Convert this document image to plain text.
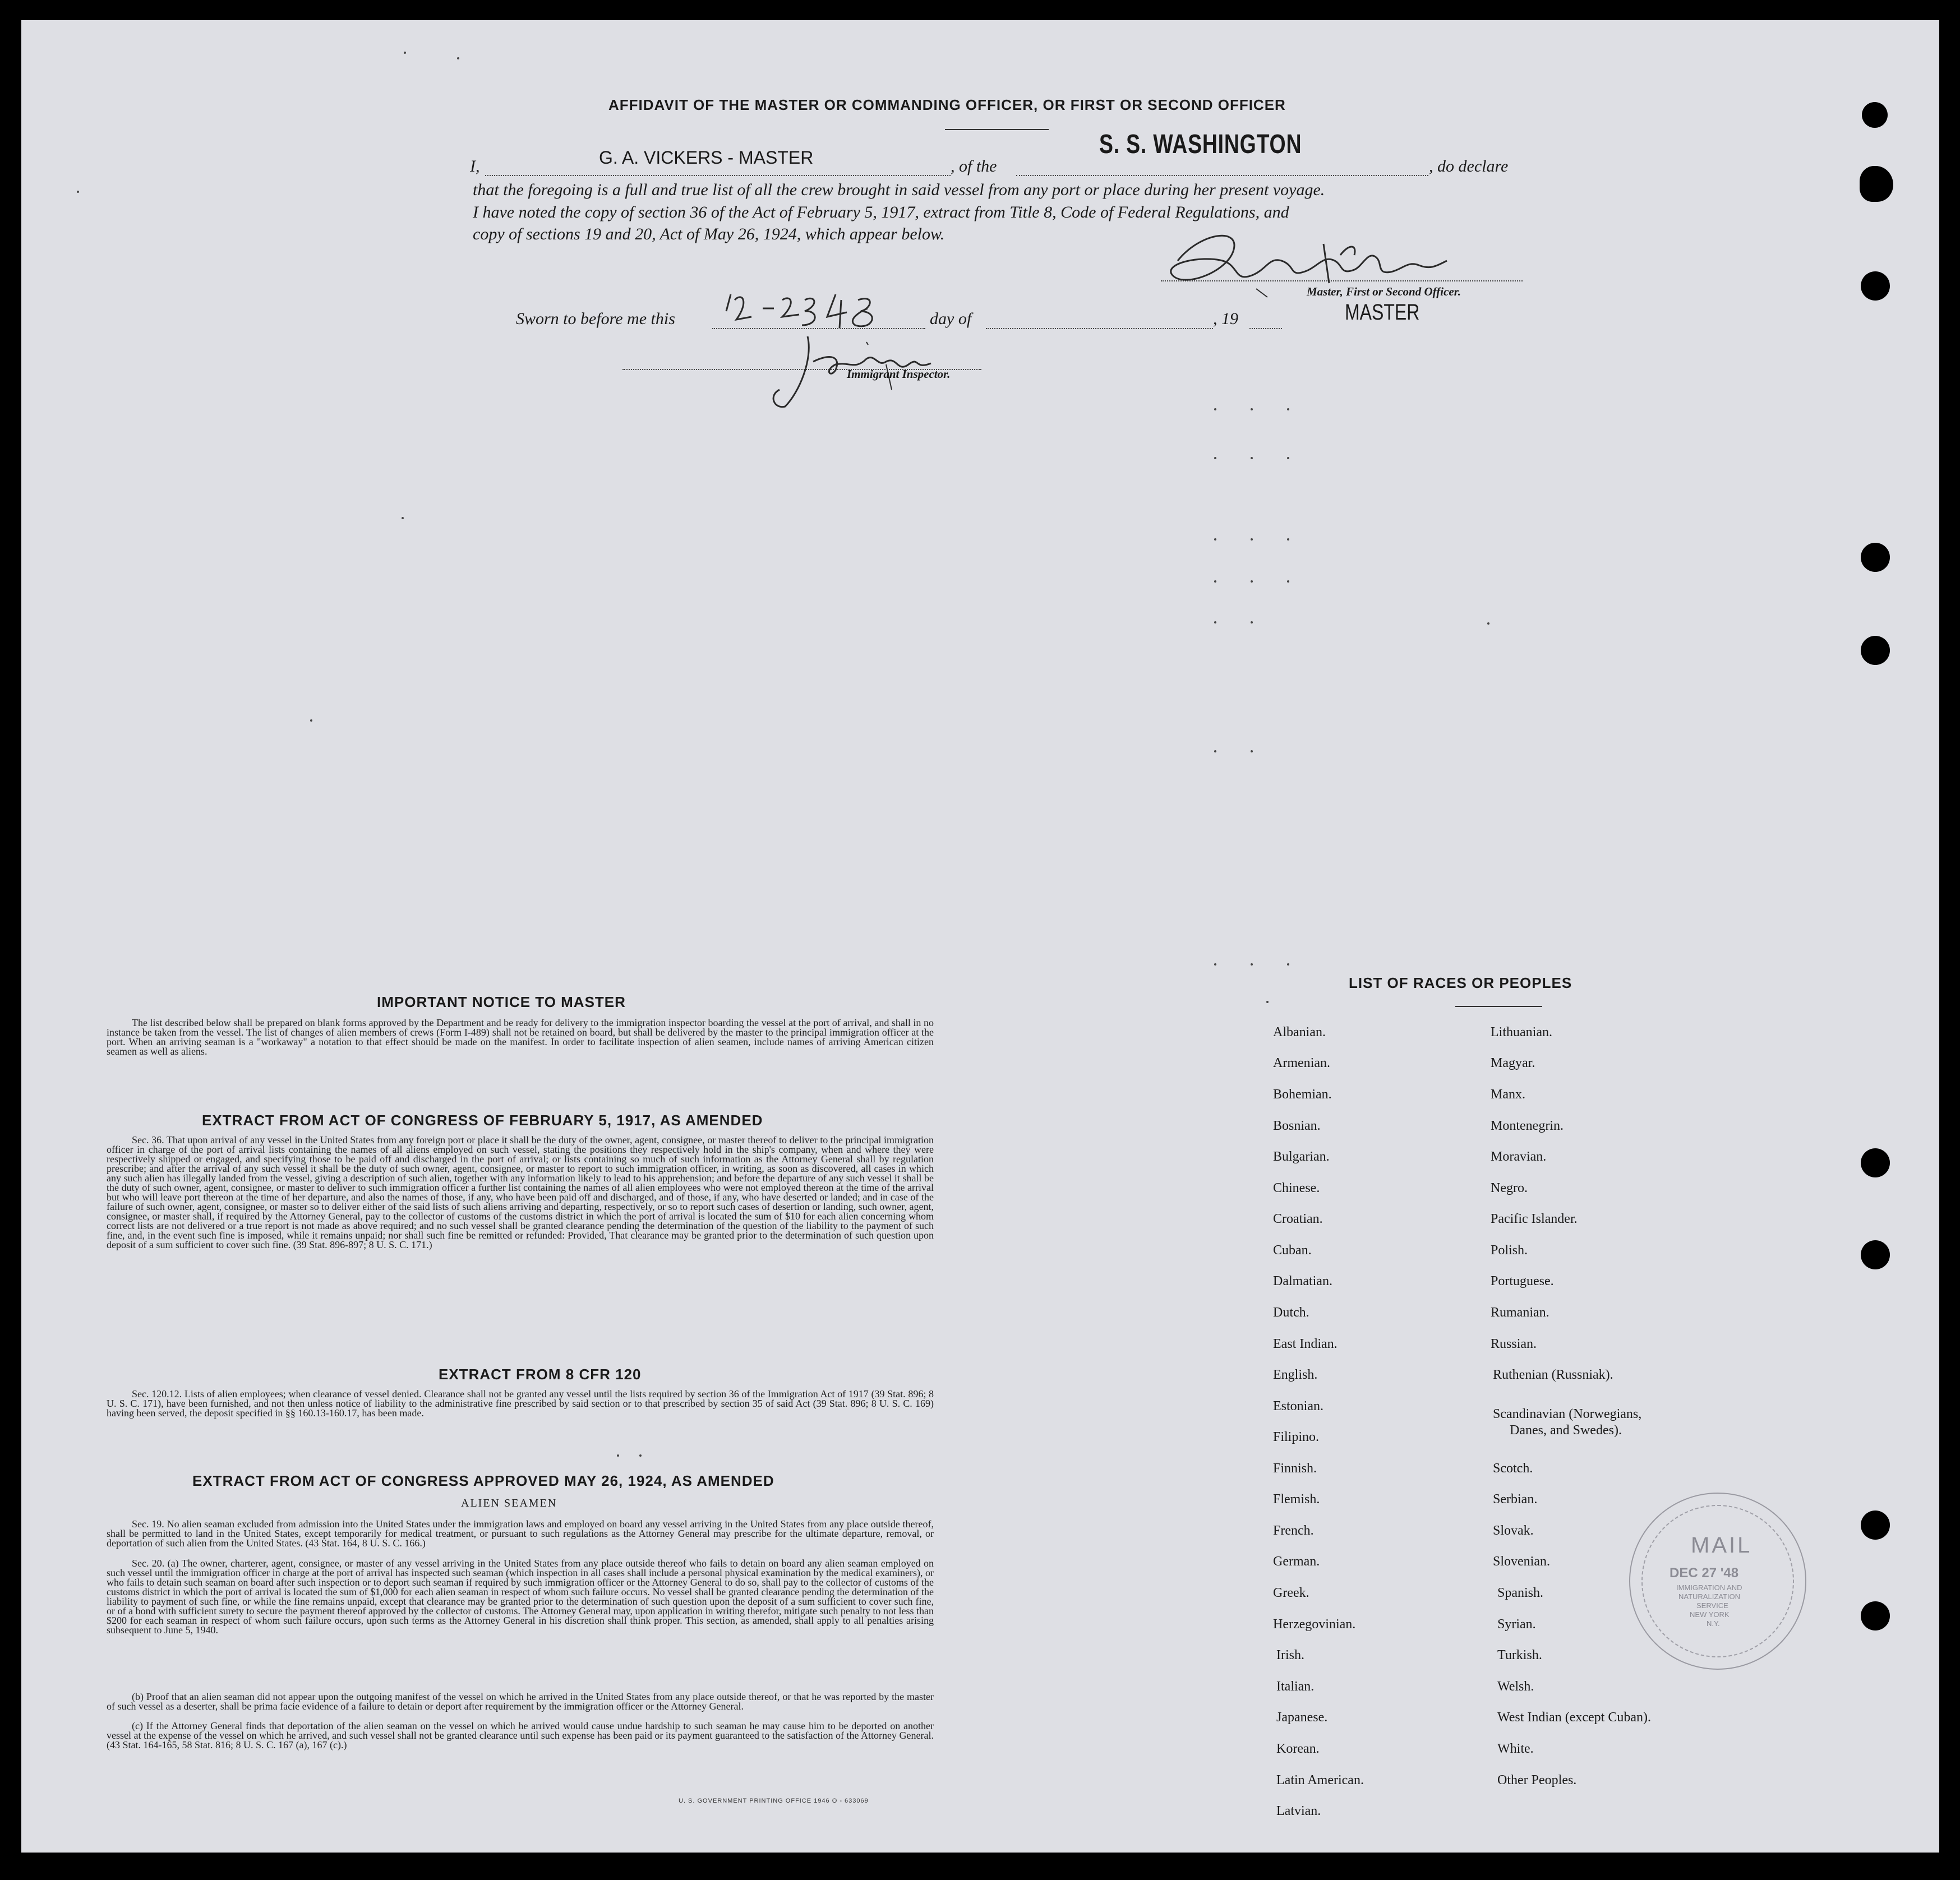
AFFIDAVIT OF THE MASTER OR COMMANDING OFFICER, OR FIRST OR SECOND OFFICER
I,	G. A. VICKERS - MASTER	, of the
S. S. WASHINGTON
, do declare
that the foregoing is a full and true list of all the crew brought in said vessel from any port or place during her present voyage.
I have noted the copy of section 36 of the Act of February 5, 1917, extract from Title 8, Code of Federal Regulations, and
copy of sections 19 and 20, Act of May 26, 1924, which appear below.
Master, First or Second Officer.
MASTER
Sworn to before me this	day of	, 19
Immigrant Inspector.
IMPORTANT NOTICE TO MASTER
The list described below shall be prepared on blank forms approved by the Department and be ready for delivery to the immigration inspector boarding the vessel at the port of arrival, and shall in no instance be taken from the vessel. The list of changes of alien members of crews (Form I-489) shall not be retained on board, but shall be delivered by the master to the principal immigration officer at the port. When an arriving seaman is a "workaway" a notation to that effect should be made on the manifest. In order to facilitate inspection of alien seamen, include names of arriving American citizen seamen as well as aliens.
EXTRACT FROM ACT OF CONGRESS OF FEBRUARY 5, 1917, AS AMENDED
Sec. 36. That upon arrival of any vessel in the United States from any foreign port or place it shall be the duty of the owner, agent, consignee, or master thereof to deliver to the principal immigration officer in charge of the port of arrival lists containing the names of all aliens employed on such vessel, stating the positions they respectively hold in the ship's company, when and where they were respectively shipped or engaged, and specifying those to be paid off and discharged in the port of arrival; or lists containing so much of such information as the Attorney General shall by regulation prescribe; and after the arrival of any such vessel it shall be the duty of such owner, agent, consignee, or master to report to such immigration officer, in writing, as soon as discovered, all cases in which any such alien has illegally landed from the vessel, giving a description of such alien, together with any information likely to lead to his apprehension; and before the departure of any such vessel it shall be the duty of such owner, agent, consignee, or master to deliver to such immigration officer a further list containing the names of all alien employees who were not employed thereon at the time of the arrival but who will leave port thereon at the time of her departure, and also the names of those, if any, who have been paid off and discharged, and of those, if any, who have deserted or landed; and in case of the failure of such owner, agent, consignee, or master so to deliver either of the said lists of such aliens arriving and departing, respectively, or so to report such cases of desertion or landing, such owner, agent, consignee, or master shall, if required by the Attorney General, pay to the collector of customs of the customs district in which the port of arrival is located the sum of $10 for each alien concerning whom correct lists are not delivered or a true report is not made as above required; and no such vessel shall be granted clearance pending the determination of the question of the liability to the payment of such fine, and, in the event such fine is imposed, while it remains unpaid; nor shall such fine be remitted or refunded: Provided, That clearance may be granted prior to the determination of such question upon deposit of a sum sufficient to cover such fine. (39 Stat. 896-897; 8 U. S. C. 171.)
EXTRACT FROM 8 CFR 120
Sec. 120.12. Lists of alien employees; when clearance of vessel denied. Clearance shall not be granted any vessel until the lists required by section 36 of the Immigration Act of 1917 (39 Stat. 896; 8 U. S. C. 171), have been furnished, and not then unless notice of liability to the administrative fine prescribed by said section or to that prescribed by section 35 of said Act (39 Stat. 896; 8 U. S. C. 169) having been served, the deposit specified in §§ 160.13-160.17, has been made.
EXTRACT FROM ACT OF CONGRESS APPROVED MAY 26, 1924, AS AMENDED
ALIEN SEAMEN
Sec. 19. No alien seaman excluded from admission into the United States under the immigration laws and employed on board any vessel arriving in the United States from any place outside thereof, shall be permitted to land in the United States, except temporarily for medical treatment, or pursuant to such regulations as the Attorney General may prescribe for the ultimate departure, removal, or deportation of such alien from the United States. (43 Stat. 164, 8 U. S. C. 166.)
Sec. 20. (a) The owner, charterer, agent, consignee, or master of any vessel arriving in the United States from any place outside thereof who fails to detain on board any alien seaman employed on such vessel until the immigration officer in charge at the port of arrival has inspected such seaman (which inspection in all cases shall include a personal physical examination by the medical examiners), or who fails to detain such seaman on board after such inspection or to deport such seaman if required by such immigration officer or the Attorney General to do so, shall pay to the collector of customs of the customs district in which the port of arrival is located the sum of $1,000 for each alien seaman in respect of whom such failure occurs. No vessel shall be granted clearance pending the determination of the liability to payment of such fine, or while the fine remains unpaid, except that clearance may be granted prior to the determination of such question upon the deposit of a sum sufficient to cover such fine, or of a bond with sufficient surety to secure the payment thereof approved by the collector of customs. The Attorney General may, upon application in writing therefor, mitigate such penalty to not less than $200 for each seaman in respect of whom such failure occurs, upon such terms as the Attorney General in his discretion shall think proper. This section, as amended, shall apply to all penalties arising subsequent to June 5, 1940.
(b) Proof that an alien seaman did not appear upon the outgoing manifest of the vessel on which he arrived in the United States from any place outside thereof, or that he was reported by the master of such vessel as a deserter, shall be prima facie evidence of a failure to detain or deport after requirement by the immigration officer or the Attorney General.
(c) If the Attorney General finds that deportation of the alien seaman on the vessel on which he arrived would cause undue hardship to such seaman he may cause him to be deported on another vessel at the expense of the vessel on which he arrived, and such vessel shall not be granted clearance until such expense has been paid or its payment guaranteed to the satisfaction of the Attorney General. (43 Stat. 164-165, 58 Stat. 816; 8 U. S. C. 167 (a), 167 (c).)
U. S. GOVERNMENT PRINTING OFFICE 1946 O - 633069
LIST OF RACES OR PEOPLES
Albanian.
Armenian.
Bohemian.
Bosnian.
Bulgarian.
Chinese.
Croatian.
Cuban.
Dalmatian.
Dutch.
East Indian.
English.
Estonian.
Filipino.
Finnish.
Flemish.
French.
German.
Greek.
Herzegovinian.
Irish.
Italian.
Japanese.
Korean.
Latin American.
Latvian.
Lithuanian.
Magyar.
Manx.
Montenegrin.
Moravian.
Negro.
Pacific Islander.
Polish.
Portuguese.
Rumanian.
Russian.
Ruthenian (Russniak).
Scandinavian (Norwegians,
Danes, and Swedes).
Scotch.
Serbian.
Slovak.
Slovenian.
Spanish.
Syrian.
Turkish.
Welsh.
West Indian (except Cuban).
White.
Other Peoples.
MAIL
DEC 27 '48
IMMIGRATION AND
NATURALIZATION
SERVICE
NEW YORK
N.Y.
